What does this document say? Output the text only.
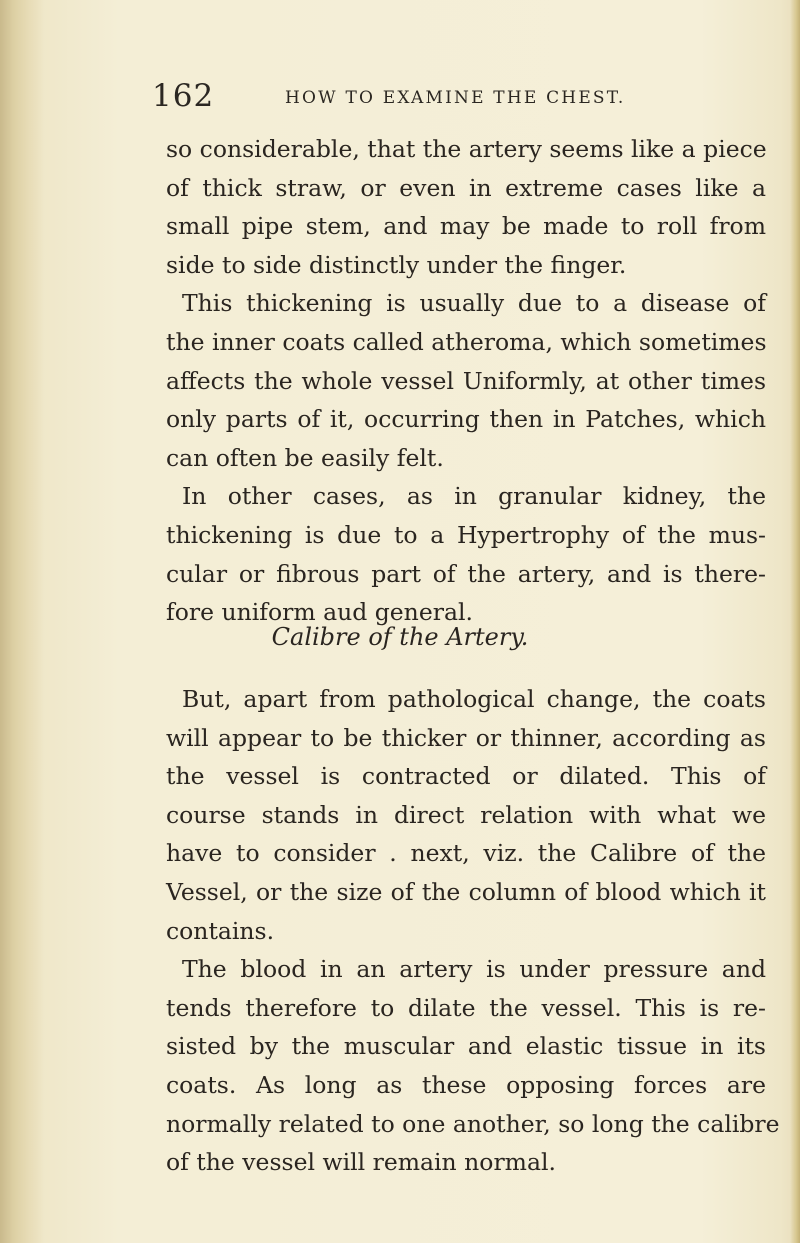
162	HOW TO EXAMINE THE CHEST.
so considerable, that the artery seems like a piece
of thick straw, or even in extreme cases like a
small pipe stem, and may be made to roll from
side to side distinctly under the finger.
This thickening is usually due to a disease of
the inner coats called atheroma, which sometimes
affects the whole vessel Uniformly, at other times
only parts of it, occurring then in Patches, which
can often be easily felt.
In other cases, as in granular kidney, the
thickening is due to a Hypertrophy of the mus-
cular or fibrous part of the artery, and is there-
fore uniform aud general.
Calibre of the Artery.
But, apart from pathological change, the coats
will appear to be thicker or thinner, according as
the vessel is contracted or dilated. This of
course stands in direct relation with what we
have to consider . next, viz. the Calibre of the
Vessel, or the size of the column of blood which it
contains.
The blood in an artery is under pressure and
tends therefore to dilate the vessel. This is re-
sisted by the muscular and elastic tissue in its
coats. As long as these opposing forces are
normally related to one another, so long the calibre
of the vessel will remain normal.
